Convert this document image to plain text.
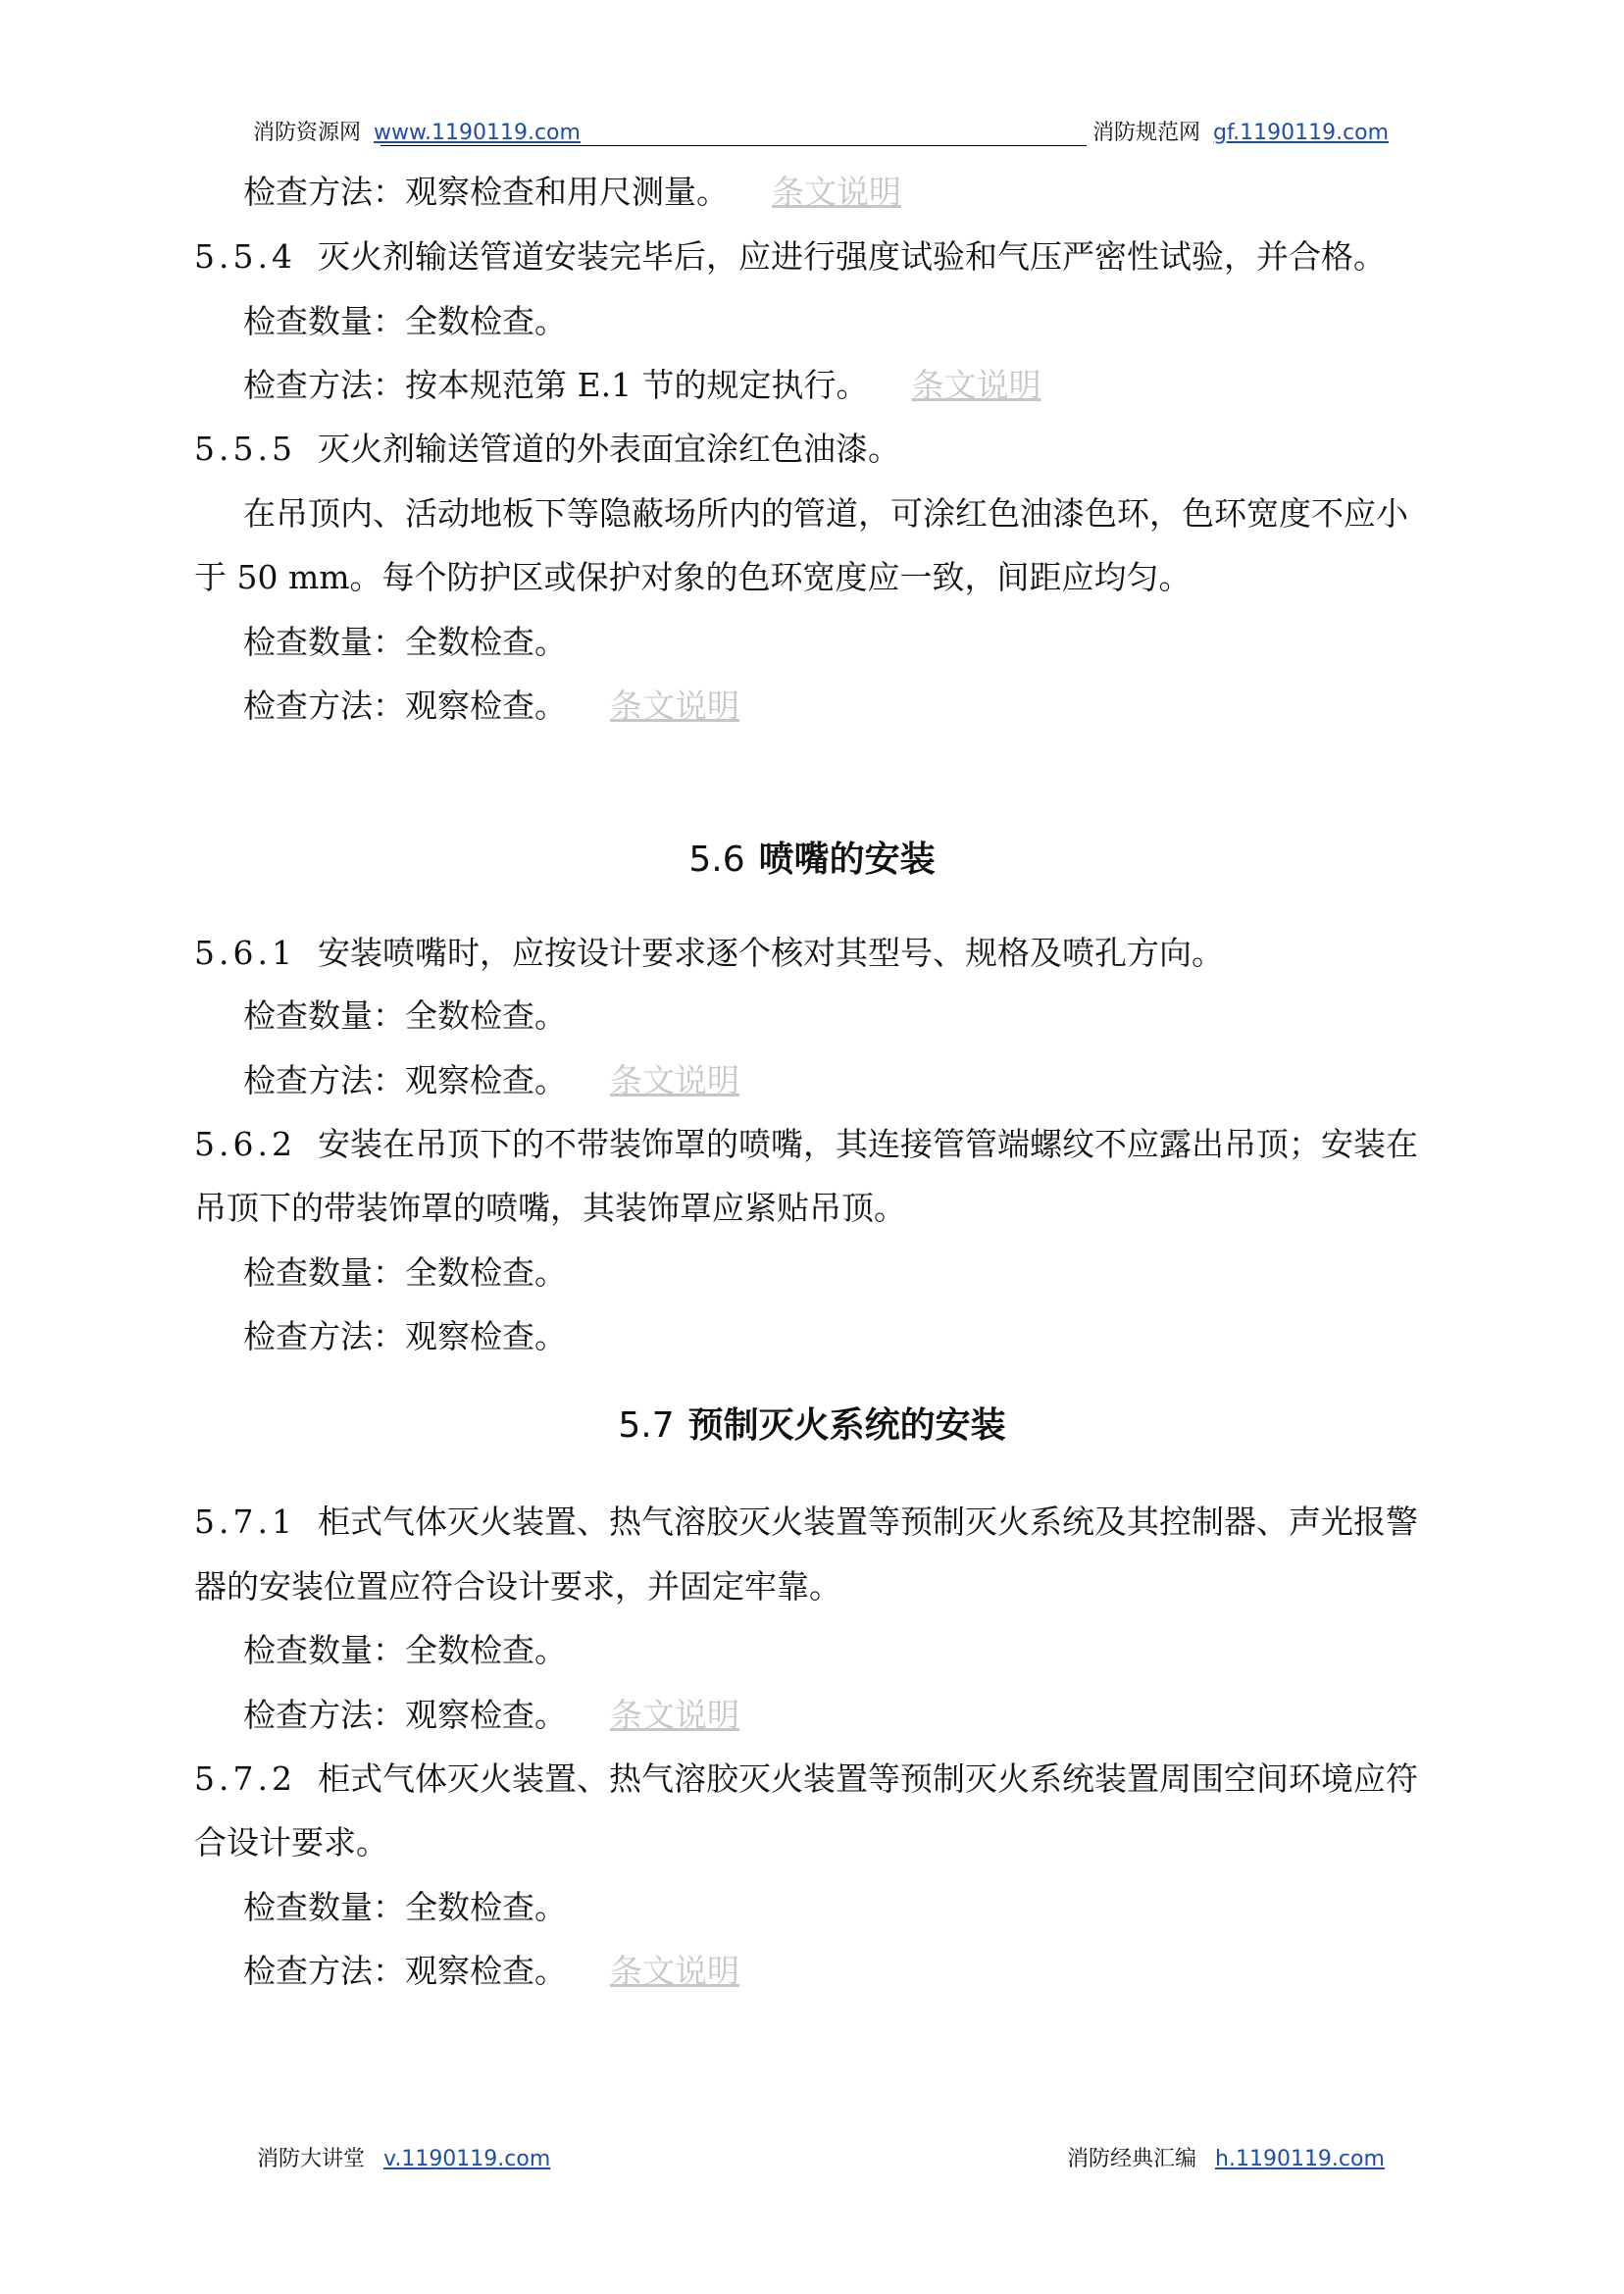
消防资源网 www.1190119.com	消防规范网 gf.1190119.com
检查方法：观察检查和用尺测量。 条文说明
5.5.4 灭火剂输送管道安装完毕后，应进行强度试验和气压严密性试验，并合格。
检查数量：全数检查。
检查方法：按本规范第 E.1 节的规定执行。 条文说明
5.5.5 灭火剂输送管道的外表面宜涂红色油漆。
在吊顶内、活动地板下等隐蔽场所内的管道，可涂红色油漆色环，色环宽度不应小
于 50 mm。每个防护区或保护对象的色环宽度应一致，间距应均匀。
检查数量：全数检查。
检查方法：观察检查。 条文说明
5.6 喷嘴的安装
5.6.1 安装喷嘴时，应按设计要求逐个核对其型号、规格及喷孔方向。
检查数量：全数检查。
检查方法：观察检查。 条文说明
5.6.2 安装在吊顶下的不带装饰罩的喷嘴，其连接管管端螺纹不应露出吊顶；安装在
吊顶下的带装饰罩的喷嘴，其装饰罩应紧贴吊顶。
检查数量：全数检查。
检查方法：观察检查。
5.7 预制灭火系统的安装
5.7.1 柜式气体灭火装置、热气溶胶灭火装置等预制灭火系统及其控制器、声光报警
器的安装位置应符合设计要求，并固定牢靠。
检查数量：全数检查。
检查方法：观察检查。 条文说明
5.7.2 柜式气体灭火装置、热气溶胶灭火装置等预制灭火系统装置周围空间环境应符
合设计要求。
检查数量：全数检查。
检查方法：观察检查。 条文说明
消防大讲堂 v.1190119.com	消防经典汇编 h.1190119.com
